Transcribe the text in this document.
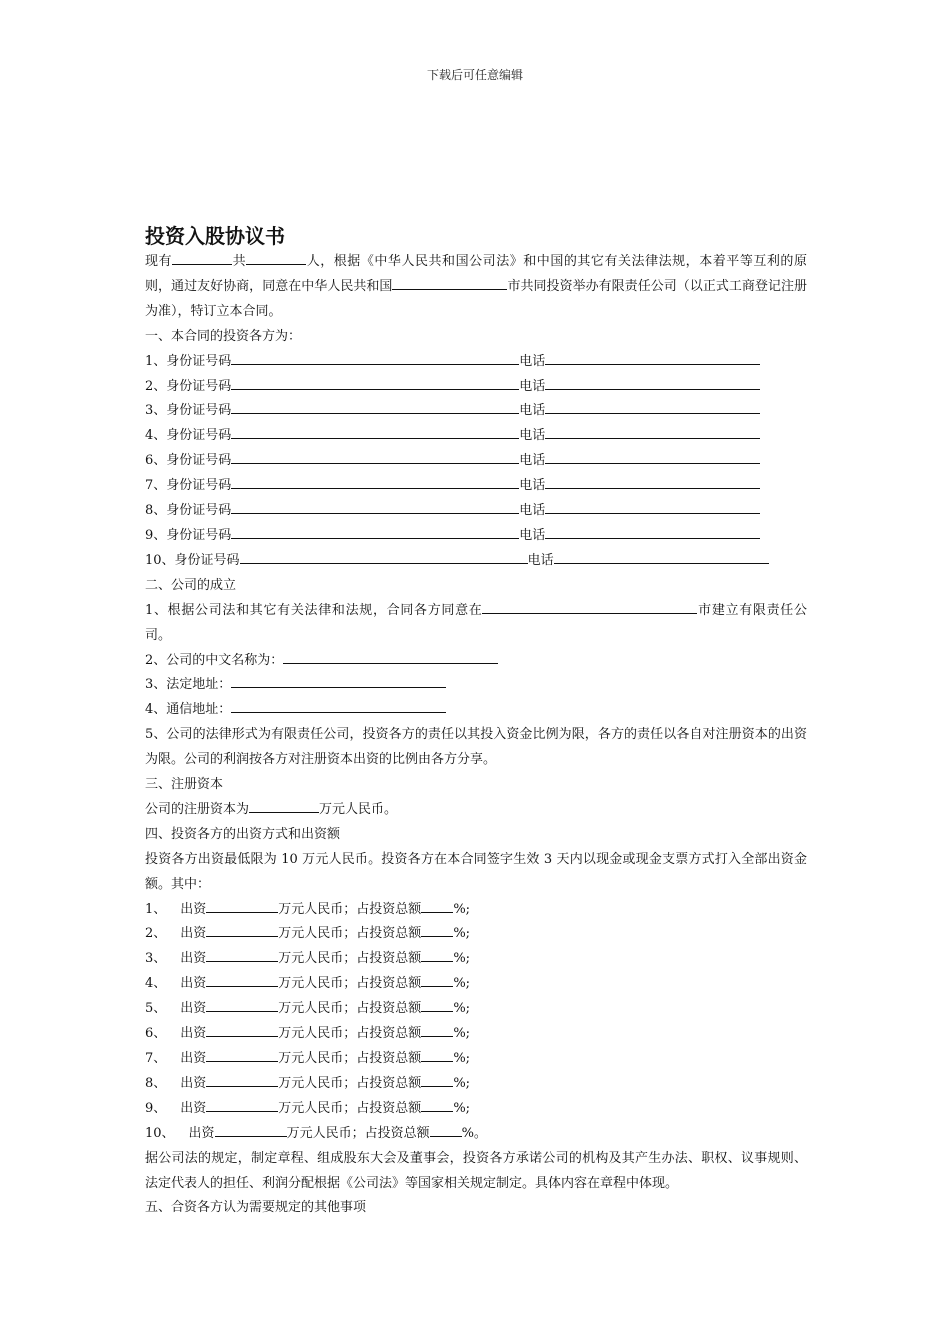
下载后可任意编辑
投资入股协议书
现有	共	人，根据《中华人民共和国公司法》和中国的其它有关法律法规，本着平等互利的原则，通过友好协商，同意在中华人民共和国	市共同投资举办有限责任公司（以正式工商登记注册为准），特订立本合同。
一、本合同的投资各方为：
1、身份证号码	电话
2、身份证号码	电话
3、身份证号码	电话
4、身份证号码	电话
6、身份证号码	电话
7、身份证号码	电话
8、身份证号码	电话
9、身份证号码	电话
10、身份证号码	电话
二、公司的成立
1、根据公司法和其它有关法律和法规，合同各方同意在	市建立有限责任公司。
2、公司的中文名称为：
3、法定地址：
4、通信地址：
5、公司的法律形式为有限责任公司，投资各方的责任以其投入资金比例为限，各方的责任以各自对注册资本的出资为限。公司的利润按各方对注册资本出资的比例由各方分享。
三、注册资本
公司的注册资本为	万元人民币。
四、投资各方的出资方式和出资额
投资各方出资最低限为 10 万元人民币。投资各方在本合同签字生效 3 天内以现金或现金支票方式打入全部出资金额。其中：
1、 出资	万元人民币；占投资总额 %;
2、 出资	万元人民币；占投资总额 %;
3、 出资	万元人民币；占投资总额 %;
4、 出资	万元人民币；占投资总额 %;
5、 出资	万元人民币；占投资总额 %;
6、 出资	万元人民币；占投资总额 %;
7、 出资	万元人民币；占投资总额 %;
8、 出资	万元人民币；占投资总额 %;
9、 出资	万元人民币；占投资总额 %;
10、 出资	万元人民币；占投资总额 %。
据公司法的规定，制定章程、组成股东大会及董事会，投资各方承诺公司的机构及其产生办法、职权、议事规则、法定代表人的担任、利润分配根据《公司法》等国家相关规定制定。具体内容在章程中体现。
五、合资各方认为需要规定的其他事项
